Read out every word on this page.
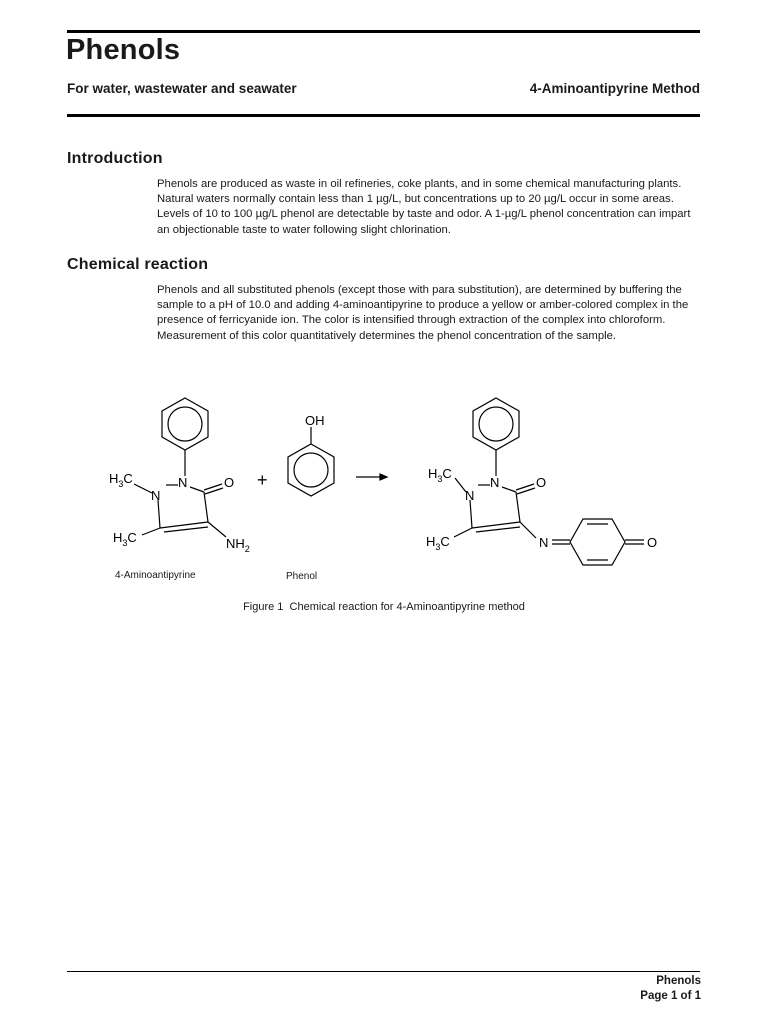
Phenols
For water, wastewater and seawater	4-Aminoantipyrine Method
Introduction

Phenols are produced as waste in oil refineries, coke plants, and in some chemical manufacturing plants. Natural waters normally contain less than 1 µg/L, but concentrations up to 20 µg/L occur in some areas. Levels of 10 to 100 µg/L phenol are detectable by taste and odor. A 1-µg/L phenol concentration can impart an objectionable taste to water following slight chlorination.

Chemical reaction

Phenols and all substituted phenols (except those with para substitution), are determined by buffering the sample to a pH of 10.0 and adding 4-aminoantipyrine to produce a yellow or amber-colored complex in the presence of ferricyanide ion. The color is intensified through extraction of the complex into chloroform. Measurement of this color quantitatively determines the phenol concentration of the sample.

+
$H_3C$
N
N	O
$H_3C$	$NH_2$
OH
$H_3C$
N
N	O
$H_3C$	N	O
4-Aminoantipyrine	Phenol
Figure 1  Chemical reaction for 4-Aminoantipyrine method
Phenols
Page 1 of 1
